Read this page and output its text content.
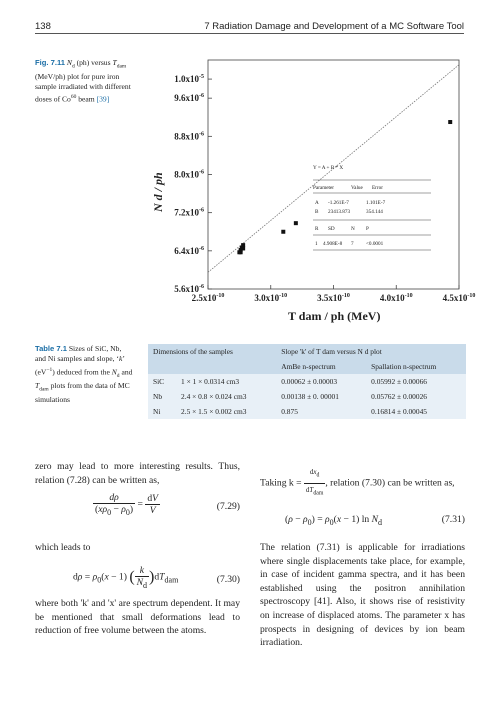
138	7 Radiation Damage and Development of a MC Software Tool
Fig. 7.11 $N_d$ (ph) versus $T_{dam}$ (MeV/ph) plot for pure iron sample irradiated with different doses of Co$^{60}$ beam [39]
$5.6x10^{-6}$
$6.4x10^{-6}$
$7.2x10^{-6}$
$8.0x10^{-6}$
$8.8x10^{-6}$
$9.6x10^{-6}$
$1.0x10^{-5}$
$2.5x10^{-10}$	$3.0x10^{-10}$	$3.5x10^{-10}$	$4.0x10^{-10}$	$4.5x10^{-10}$
N d / ph
T dam / ph (MeV)
Y = A + B * X
Parameter	Value Error
A -1.261E-7	1.101E-7
B 23413.873	354.144
R SD	N P
1 4.908E-8 7 <0.0001
Table 7.1 Sizes of SiC, Nb, and Ni samples and slope, ‘k’ $(eV^{-1})$ deduced from the $N_d$ and $T_{dam}$ plots from the data of MC simulations
Dimensions of the samples		Slope 'k' of T dam versus N d plot	
		AmBe n-spectrum	Spallation n-spectrum
SiC	1 × 1 × 0.0314 cm3	0.00062 ± 0.00003	0.05992 ± 0.00066
Nb	2.4 × 0.8 × 0.024 cm3	0.00138 ± 0. 00001	0.05762 ± 0.00026
Ni	2.5 × 1.5 × 0.002 cm3	0.875	0.16814 ± 0.00045
zero may lead to more interesting results. Thus, relation (7.28) can be written as,
$\frac{d\rho}{(x\rho_0 - \rho_0)} = \frac{dV}{V}$	(7.29)
which leads to
$d\rho = \rho_0(x - 1)$ ( $\frac{k}{N_d} )dT_{dam}$	(7.30)
where both 'k' and 'x' are spectrum dependent. It may be mentioned that small deformations lead to reduction of free volume between the atoms.
Taking $k = \frac{dx_d}{dT_{dam}}$ , relation (7.30) can be written as,
$(\rho - \rho_0) = \rho_0(x - 1)$ $\ln N_d$	(7.31)
The relation (7.31) is applicable for irradiations where single displacements take place, for example, in case of incident gamma spectra, and it has been established using the positron annihilation spectroscopy [41]. Also, it shows rise of resistivity on increase of displaced atoms. The parameter x has prospects in designing of devices by ion beam irradiation.
